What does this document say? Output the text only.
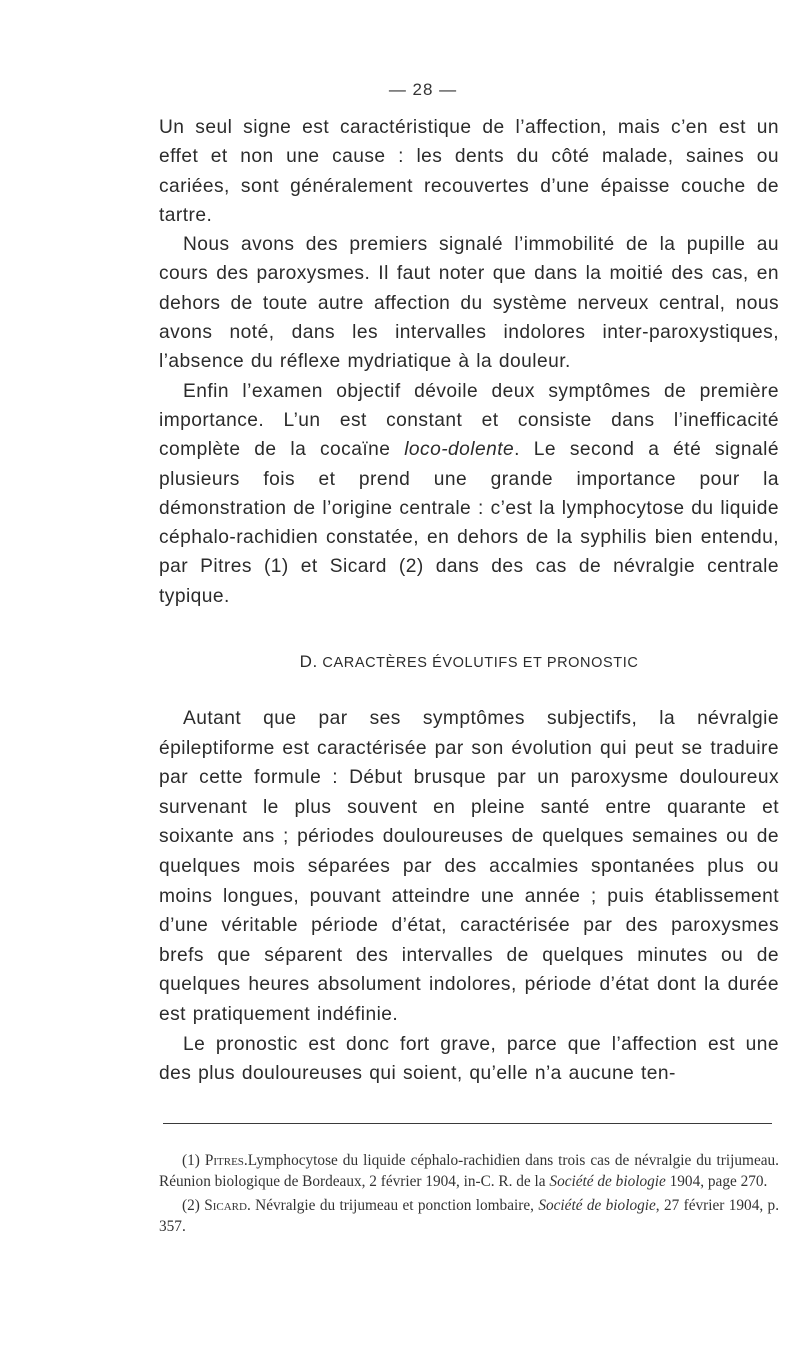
— 28 —

Un seul signe est caractéristique de l’affection, mais c’en est un effet et non une cause : les dents du côté malade, saines ou cariées, sont généralement recouvertes d’une épaisse couche de tartre.

Nous avons des premiers signalé l’immobilité de la pupille au cours des paroxysmes. Il faut noter que dans la moitié des cas, en dehors de toute autre affection du système nerveux central, nous avons noté, dans les intervalles indolores inter-paroxystiques, l’absence du réflexe mydriatique à la douleur.

Enfin l’examen objectif dévoile deux symptômes de première importance. L’un est constant et consiste dans l’inefficacité complète de la cocaïne loco-dolente. Le second a été signalé plusieurs fois et prend une grande importance pour la démonstration de l’origine centrale : c’est la lymphocytose du liquide céphalo-rachidien constatée, en dehors de la syphilis bien entendu, par Pitres (1) et Sicard (2) dans des cas de névralgie centrale typique.

D. CARACTÈRES ÉVOLUTIFS ET PRONOSTIC

Autant que par ses symptômes subjectifs, la névralgie épileptiforme est caractérisée par son évolution qui peut se traduire par cette formule : Début brusque par un paroxysme douloureux survenant le plus souvent en pleine santé entre quarante et soixante ans ; périodes douloureuses de quelques semaines ou de quelques mois séparées par des accalmies spontanées plus ou moins longues, pouvant atteindre une année ; puis établissement d’une véritable période d’état, caractérisée par des paroxysmes brefs que séparent des intervalles de quelques minutes ou de quelques heures absolument indolores, période d’état dont la durée est pratiquement indéfinie.

Le pronostic est donc fort grave, parce que l’affection est une des plus douloureuses qui soient, qu’elle n’a aucune ten-

(1) Pitres.Lymphocytose du liquide céphalo-rachidien dans trois cas de névralgie du trijumeau. Réunion biologique de Bordeaux, 2 février 1904, in-C. R. de la Société de biologie 1904, page 270.

(2) Sicard. Névralgie du trijumeau et ponction lombaire, Société de biologie, 27 février 1904, p. 357.
